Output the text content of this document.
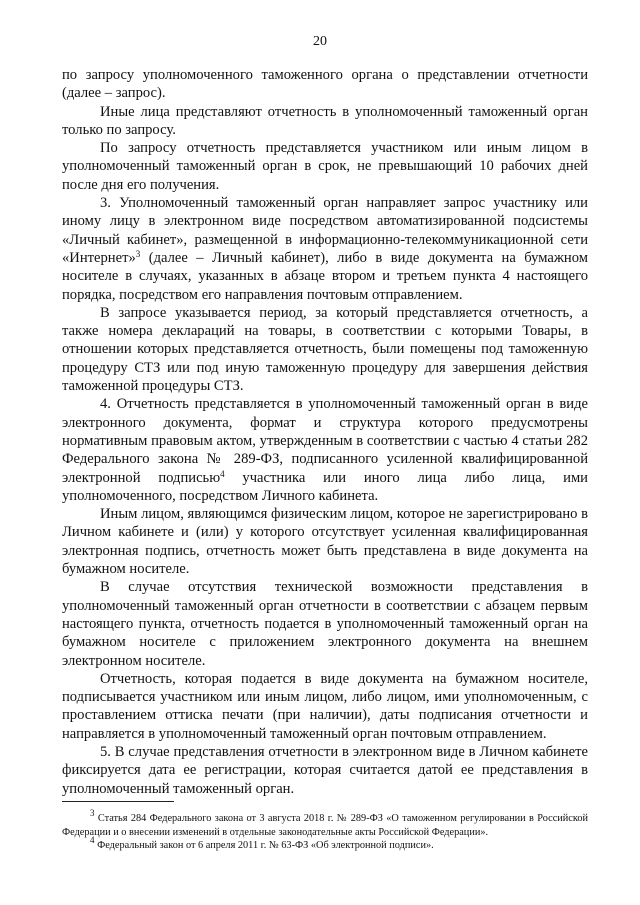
20

по запросу уполномоченного таможенного органа о представлении отчетности (далее – запрос).

Иные лица представляют отчетность в уполномоченный таможенный орган только по запросу.

По запросу отчетность представляется участником или иным лицом в уполномоченный таможенный орган в срок, не превышающий 10 рабочих дней после дня его получения.

3. Уполномоченный таможенный орган направляет запрос участнику или иному лицу в электронном виде посредством автоматизированной подсистемы «Личный кабинет», размещенной в информационно-телекоммуникационной сети «Интернет»$^3$ (далее – Личный кабинет), либо в виде документа на бумажном носителе в случаях, указанных в абзаце втором и третьем пункта 4 настоящего порядка, посредством его направления почтовым отправлением.

В запросе указывается период, за который представляется отчетность, а также номера деклараций на товары, в соответствии с которыми Товары, в отношении которых представляется отчетность, были помещены под таможенную процедуру СТЗ или под иную таможенную процедуру для завершения действия таможенной процедуры СТЗ.

4. Отчетность представляется в уполномоченный таможенный орган в виде электронного документа, формат и структура которого предусмотрены нормативным правовым актом, утвержденным в соответствии с частью 4 статьи 282 Федерального закона № 289-ФЗ, подписанного усиленной квалифицированной электронной подписью$^4$ участника или иного лица либо лица, ими уполномоченного, посредством Личного кабинета.

Иным лицом, являющимся физическим лицом, которое не зарегистрировано в Личном кабинете и (или) у которого отсутствует усиленная квалифицированная электронная подпись, отчетность может быть представлена в виде документа на бумажном носителе.

В случае отсутствия технической возможности представления в уполномоченный таможенный орган отчетности в соответствии с абзацем первым настоящего пункта, отчетность подается в уполномоченный таможенный орган на бумажном носителе с приложением электронного документа на внешнем электронном носителе.

Отчетность, которая подается в виде документа на бумажном носителе, подписывается участником или иным лицом, либо лицом, ими уполномоченным, с проставлением оттиска печати (при наличии), даты подписания отчетности и направляется в уполномоченный таможенный орган почтовым отправлением.

5. В случае представления отчетности в электронном виде в Личном кабинете фиксируется дата ее регистрации, которая считается датой ее представления в уполномоченный таможенный орган.

$^3$ Статья 284 Федерального закона от 3 августа 2018 г. № 289-ФЗ «О таможенном регулировании в Российской Федерации и о внесении изменений в отдельные законодательные акты Российской Федерации».

$^4$ Федеральный закон от 6 апреля 2011 г. № 63-ФЗ «Об электронной подписи».
